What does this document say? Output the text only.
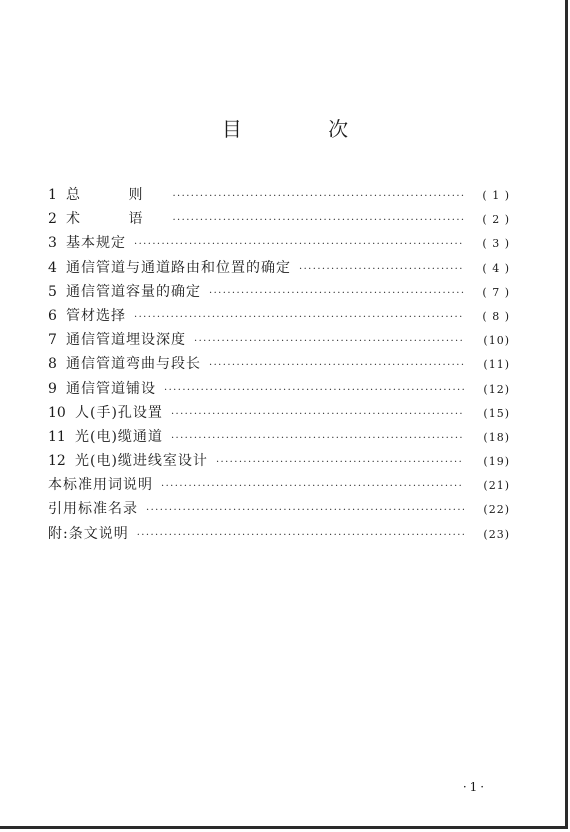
目 次
1 总 则 ·····	( 1 )
2 术 语 ·····	( 2 )
3 基本规定 ·····	( 3 )
4 通信管道与通道路由和位置的确定 ·····	( 4 )
5 通信管道容量的确定 ·····	( 7 )
6 管材选择 ·····	( 8 )
7 通信管道埋设深度 ·····	(10)
8 通信管道弯曲与段长 ·····	(11)
9 通信管道铺设 ·····	(12)
10 人(手)孔设置 ·····	(15)
11 光(电)缆通道 ·····	(18)
12 光(电)缆进线室设计 ·····	(19)
本标准用词说明 ·····	(21)
引用标准名录 ·····	(22)
附:条文说明 ·····	(23)
·1·
